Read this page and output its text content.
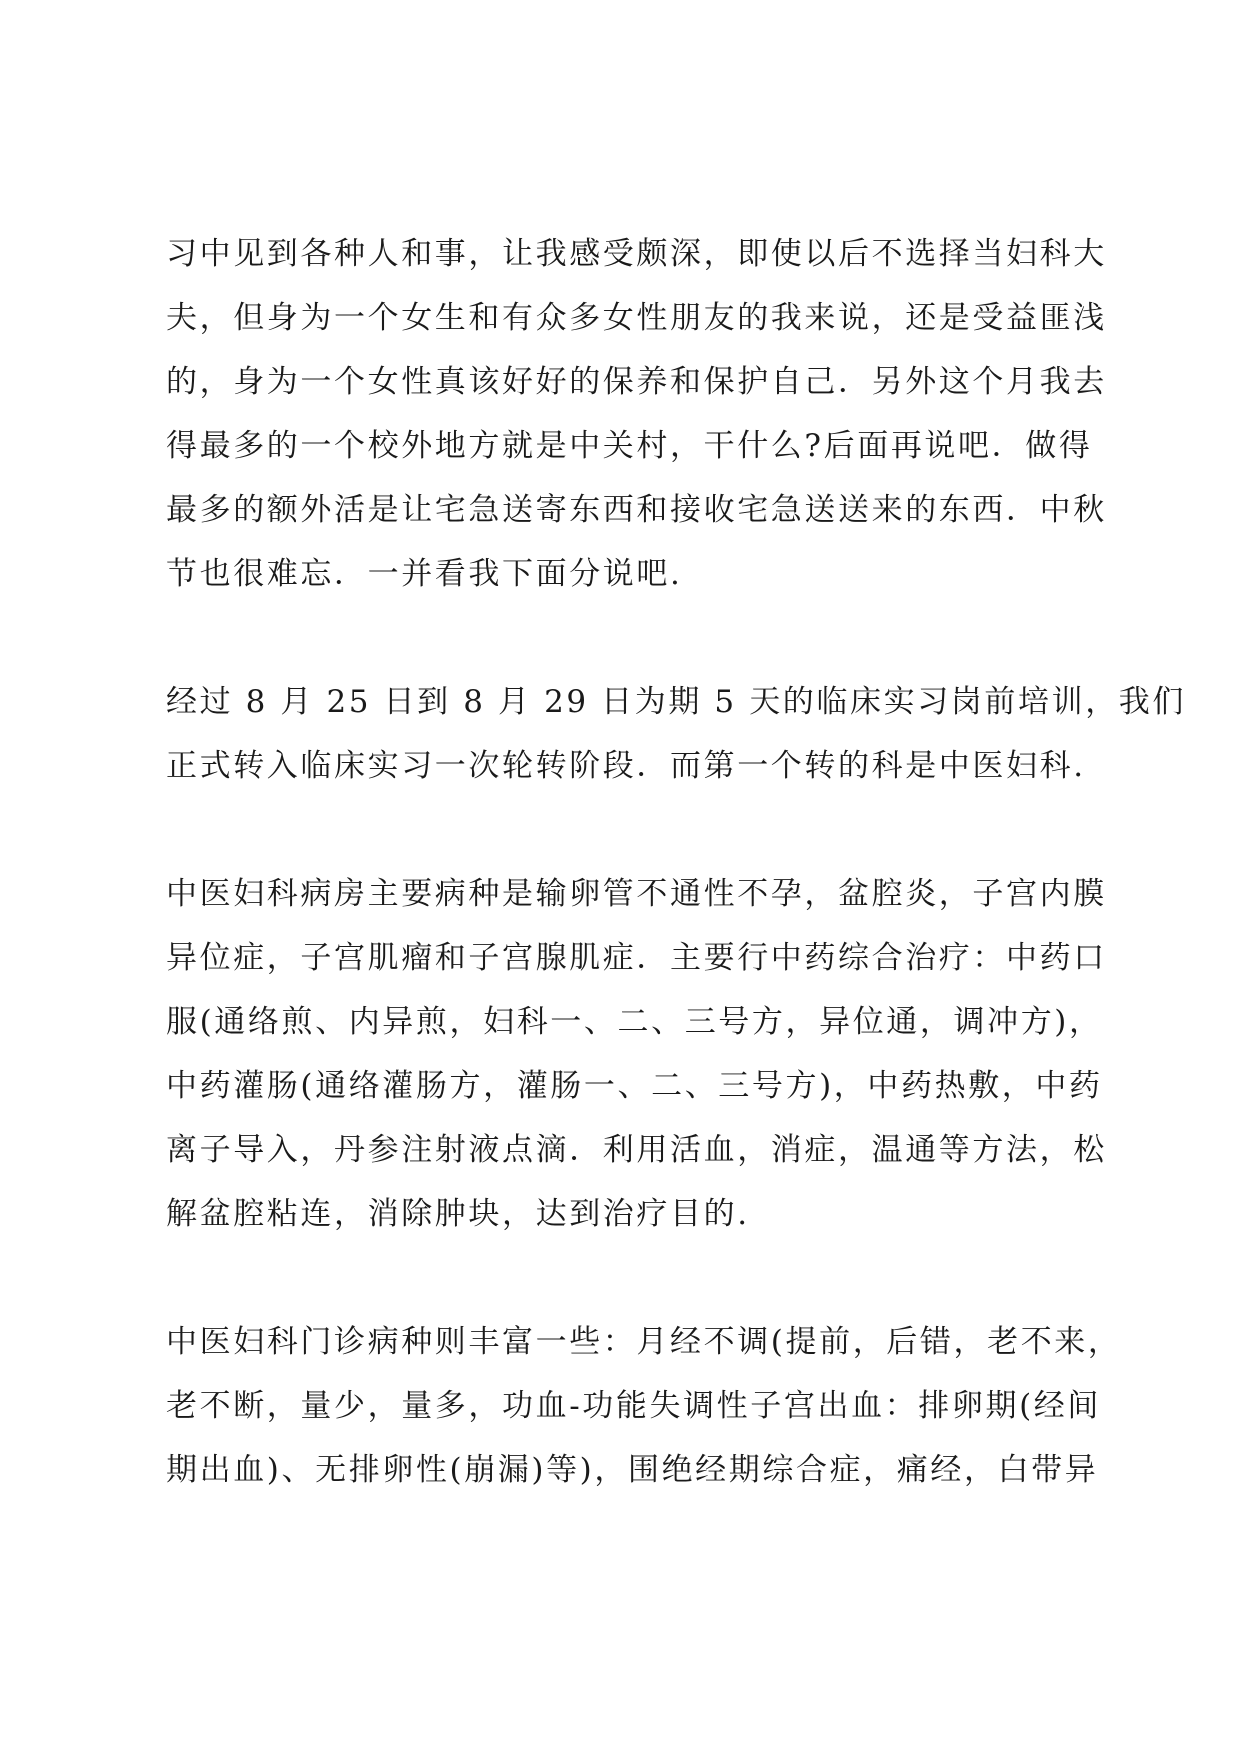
习中见到各种人和事，让我感受颇深，即使以后不选择当妇科大
夫，但身为一个女生和有众多女性朋友的我来说，还是受益匪浅
的，身为一个女性真该好好的保养和保护自己．另外这个月我去
得最多的一个校外地方就是中关村，干什么?后面再说吧．做得
最多的额外活是让宅急送寄东西和接收宅急送送来的东西．中秋
节也很难忘．一并看我下面分说吧.
经过 8 月 25 日到 8 月 29 日为期 5 天的临床实习岗前培训，我们
正式转入临床实习一次轮转阶段．而第一个转的科是中医妇科.
中医妇科病房主要病种是输卵管不通性不孕，盆腔炎，子宫内膜
异位症，子宫肌瘤和子宫腺肌症．主要行中药综合治疗：中药口
服(通络煎、内异煎，妇科一、二、三号方，异位通，调冲方)，
中药灌肠(通络灌肠方，灌肠一、二、三号方)，中药热敷，中药
离子导入，丹参注射液点滴．利用活血，消症，温通等方法，松
解盆腔粘连，消除肿块，达到治疗目的.
中医妇科门诊病种则丰富一些：月经不调(提前，后错，老不来，
老不断，量少，量多，功血-功能失调性子宫出血：排卵期(经间
期出血)、无排卵性(崩漏)等)，围绝经期综合症，痛经，白带异
